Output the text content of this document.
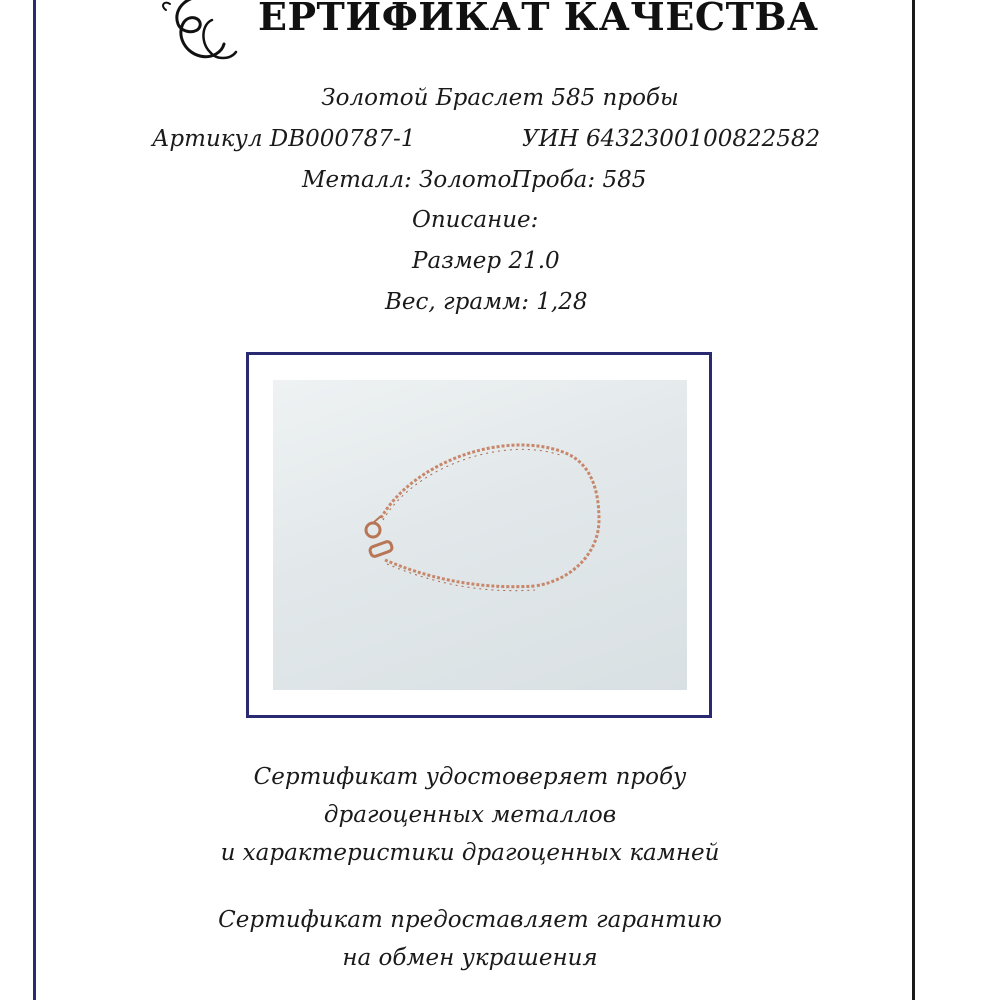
ЕРТИФИКАТ КАЧЕСТВА
Золотой Браслет 585 пробы
Артикул DB000787-1	УИН 6432300100822582
Металл: Золото Проба: 585
Описание:
Размер 21.0
Вес, грамм: 1,28
Сертификат удостоверяет пробу
драгоценных металлов
и характеристики драгоценных камней
Сертификат предоставляет гарантию
на обмен украшения
